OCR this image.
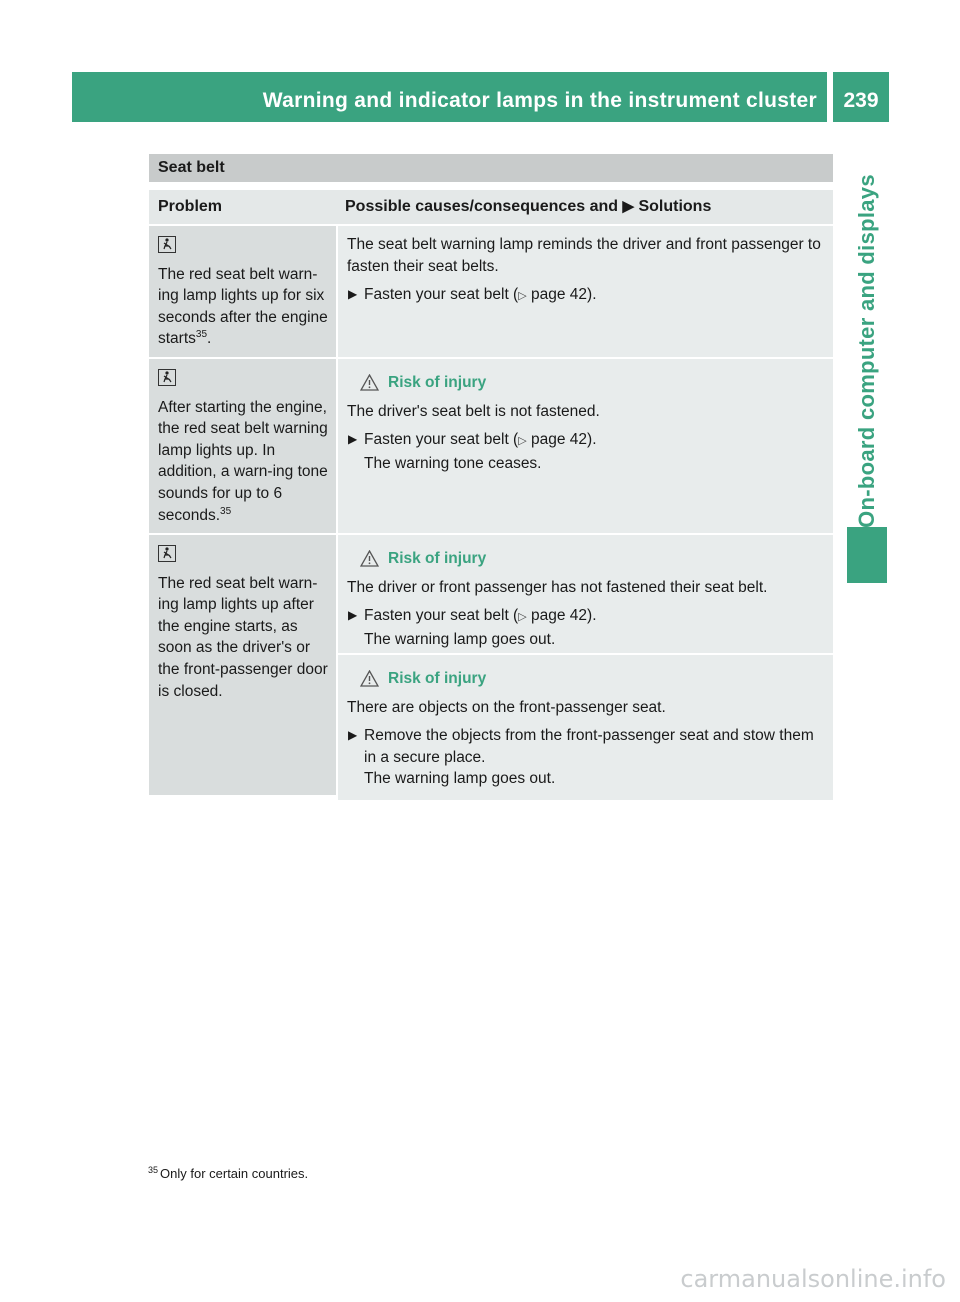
Warning and indicator lamps in the instrument cluster	239
On-board computer and displays
Seat belt
Problem	Possible causes/consequences and ▶ Solutions

The red seat belt warn-ing lamp lights up for six seconds after the engine starts$^{35}$.

The seat belt warning lamp reminds the driver and front passenger to fasten their seat belts.

▶ Fasten your seat belt (▷ page 42).

After starting the engine, the red seat belt warning lamp lights up. In addition, a warn-ing tone sounds for up to 6 seconds.$^{35}$

Risk of injury

The driver's seat belt is not fastened.

▶ Fasten your seat belt (▷ page 42).
The warning tone ceases.

The red seat belt warn-ing lamp lights up after the engine starts, as soon as the driver's or the front-passenger door is closed.

Risk of injury

The driver or front passenger has not fastened their seat belt.

▶ Fasten your seat belt (▷ page 42).
The warning lamp goes out.
Risk of injury

There are objects on the front-passenger seat.

▶ Remove the objects from the front-passenger seat and stow them in a secure place.
The warning lamp goes out.
$^{35}$ Only for certain countries.
carmanualsonline.info
